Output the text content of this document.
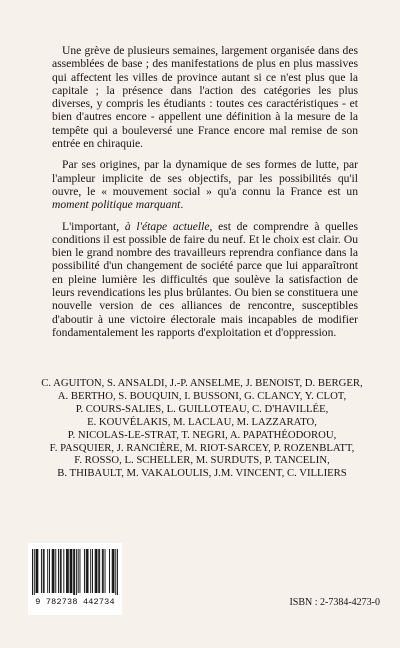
Une grève de plusieurs semaines, largement organisée dans des assemblées de base ; des manifestations de plus en plus massives qui affectent les villes de province autant si ce n'est plus que la capitale ; la présence dans l'action des catégories les plus diverses, y compris les étudiants : toutes ces caractéristiques - et bien d'autres encore - appellent une définition à la mesure de la tempête qui a bouleversé une France encore mal remise de son entrée en chiraquie.

Par ses origines, par la dynamique de ses formes de lutte, par l'ampleur implicite de ses objectifs, par les possibilités qu'il ouvre, le « mouvement social » qu'a connu la France est un moment politique marquant.

L'important, à l'étape actuelle, est de comprendre à quelles conditions il est possible de faire du neuf. Et le choix est clair. Ou bien le grand nombre des travailleurs reprendra confiance dans la possibilité d'un changement de société parce que lui apparaîtront en pleine lumière les difficultés que soulève la satisfaction de leurs revendications les plus brûlantes. Ou bien se constituera une nouvelle version de ces alliances de rencontre, susceptibles d'aboutir à une victoire électorale mais incapables de modifier fondamentalement les rapports d'exploitation et d'oppression.

C. AGUITON, S. ANSALDI, J.-P. ANSELME, J. BENOIST, D. BERGER,
A. BERTHO, S. BOUQUIN, I. BUSSONI, G. CLANCY, Y. CLOT,
P. COURS-SALIES, L. GUILLOTEAU, C. D'HAVILLÉE,
E. KOUVÉLAKIS, M. LACLAU, M. LAZZARATO,
P. NICOLAS-LE-STRAT, T. NEGRI, A. PAPATHÉODOROU,
F. PASQUIER, J. RANCIÈRE, M. RIOT-SARCEY, P. ROZENBLATT,
F. ROSSO, L. SCHELLER, M. SURDUTS, P. TANCELIN,
B. THIBAULT, M. VAKALOULIS, J.M. VINCENT, C. VILLIERS
9 782738 442734	ISBN : 2-7384-4273-0
